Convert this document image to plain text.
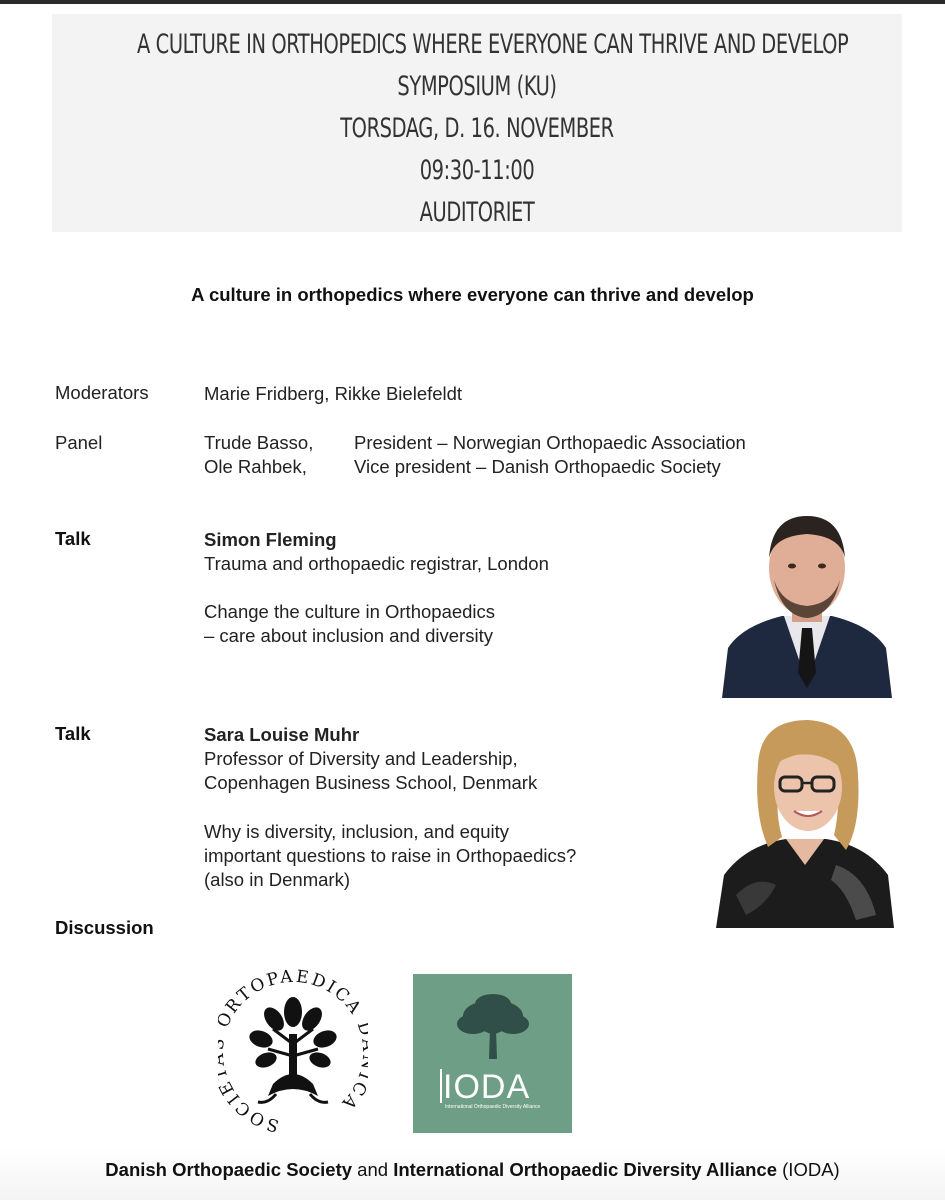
A CULTURE IN ORTHOPEDICS WHERE EVERYONE CAN THRIVE AND DEVELOP
SYMPOSIUM (KU)
TORSDAG, D. 16. NOVEMBER
09:30-11:00
AUDITORIET
A culture in orthopedics where everyone can thrive and develop
Moderators	Marie Fridberg, Rikke Bielefeldt
Panel	Trude Basso, President – Norwegian Orthopaedic Association
Ole Rahbek,	Vice president – Danish Orthopaedic Society
Talk	Simon Fleming
Trauma and orthopaedic registrar, London
Change the culture in Orthopaedics
– care about inclusion and diversity
Talk	Sara Louise Muhr
Professor of Diversity and Leadership,
Copenhagen Business School, Denmark
Why is diversity, inclusion, and equity
important questions to raise in Orthopaedics?
(also in Denmark)
Discussion
SOCI RTOPAEDICA A	IODA
International Orthopaedic Diversity Alliance
Danish Orthopaedic Society and International Orthopaedic Diversity Alliance (IODA)
